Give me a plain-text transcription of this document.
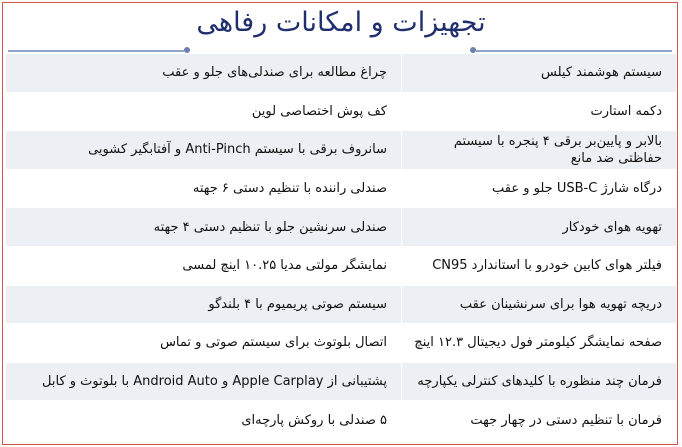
تجهیزات و امکانات رفاهی
سیستم هوشمند کیلس
چراغ مطالعه برای صندلی‌های جلو و عقب
دکمه استارت
کف پوش اختصاصی لوین
بالابر و پایین‌بر برقی ۴ پنجره با سیستم حفاظتی ضد مانع
سانروف برقی با سیستم Anti-Pinch و آفتابگیر کشویی
درگاه شارژ USB-C جلو و عقب
صندلی راننده با تنظیم دستی ۶ جهته
تهویه هوای خودکار
صندلی سرنشین جلو با تنظیم دستی ۴ جهته
فیلتر هوای کابین خودرو با استاندارد CN95
نمایشگر مولتی مدیا ۱۰.۲۵ اینچ لمسی
دریچه تهویه هوا برای سرنشینان عقب
سیستم صوتی پریمیوم با ۴ بلندگو
صفحه نمایشگر کیلومتر فول دیجیتال ۱۲.۳ اینچ
اتصال بلوتوث برای سیستم صوتی و تماس
فرمان چند منظوره با کلیدهای کنترلی یکپارچه
پشتیبانی از Apple Carplay و Android Auto با بلوتوث و کابل
فرمان با تنظیم دستی در چهار جهت
۵ صندلی با روکش پارچه‌ای
